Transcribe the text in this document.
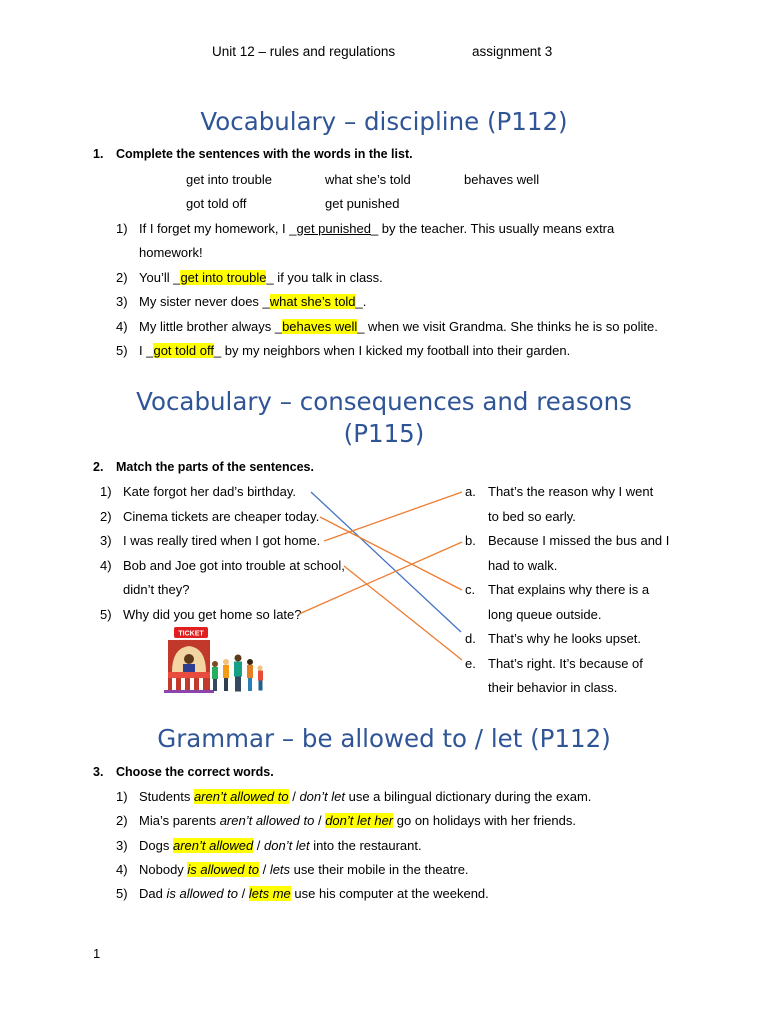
Unit 12 – rules and regulations	assignment 3
Vocabulary – discipline (P112)
1. Complete the sentences with the words in the list.
get into trouble	what she’s told	behaves well
got told off	get punished
1) If I forget my homework, I _get punished_ by the teacher. This usually means extra
homework!
2) You’ll _get into trouble_ if you talk in class.
3) My sister never does _what she’s told_.
4) My little brother always _behaves well_ when we visit Grandma. She thinks he is so polite.
5) I _got told off_ by my neighbors when I kicked my football into their garden.
Vocabulary – consequences and reasons
(P115)
2. Match the parts of the sentences.
1) Kate forgot her dad’s birthday.
2) Cinema tickets are cheaper today.
3) I was really tired when I got home.
4) Bob and Joe got into trouble at school,
didn’t they?
5) Why did you get home so late?
a. That’s the reason why I went
to bed so early.
b. Because I missed the bus and I
had to walk.
c. That explains why there is a
long queue outside.
d. That’s why he looks upset.
e. That’s right. It’s because of
their behavior in class.
TICKET
Grammar – be allowed to / let (P112)
3. Choose the correct words.
1) Students aren’t allowed to / don’t let use a bilingual dictionary during the exam.
2) Mia’s parents aren’t allowed to / don’t let her go on holidays with her friends.
3) Dogs aren’t allowed / don’t let into the restaurant.
4) Nobody is allowed to / lets use their mobile in the theatre.
5) Dad is allowed to / lets me use his computer at the weekend.
1
